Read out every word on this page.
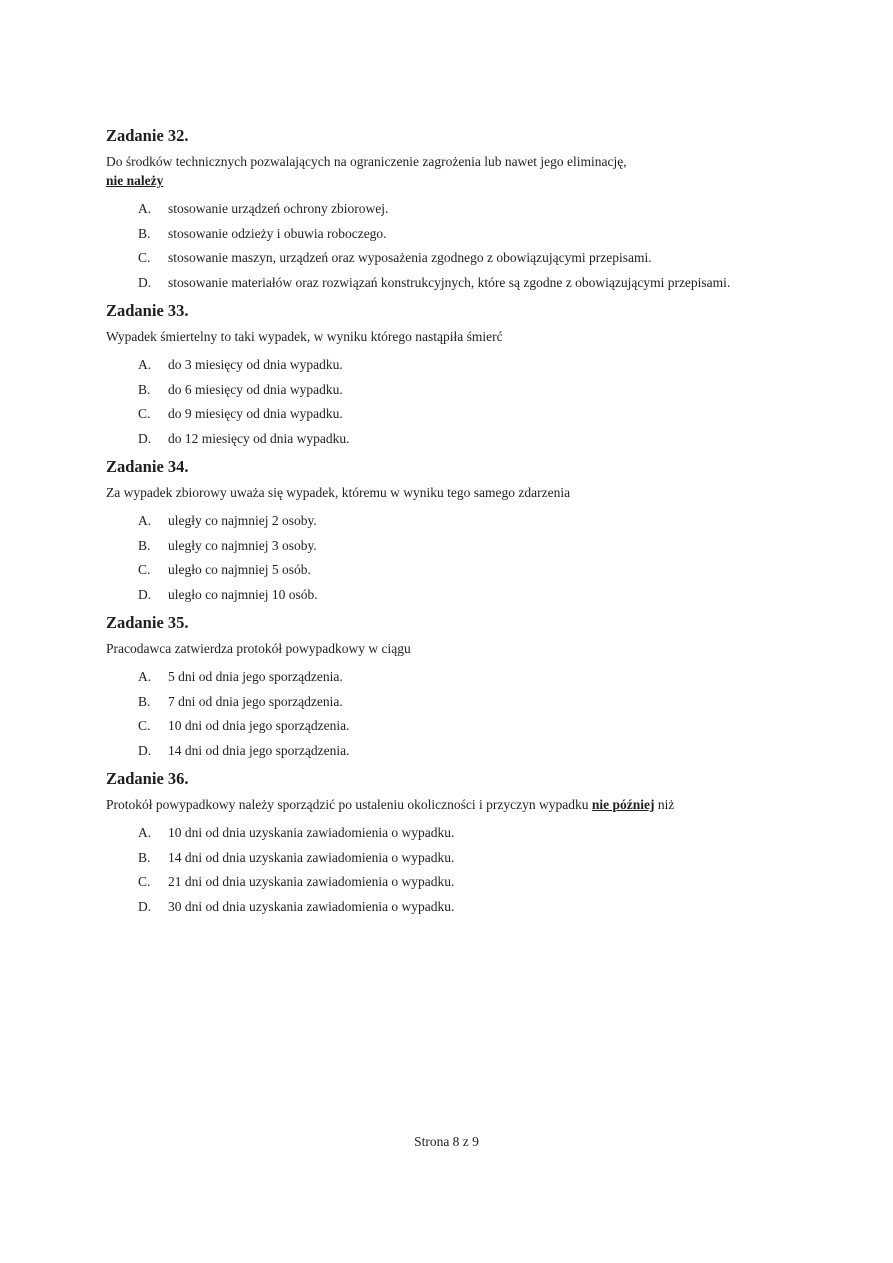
Zadanie 32.
Do środków technicznych pozwalających na ograniczenie zagrożenia lub nawet jego eliminację,
nie należy
A.	stosowanie urządzeń ochrony zbiorowej.
B.	stosowanie odzieży i obuwia roboczego.
C.	stosowanie maszyn, urządzeń oraz wyposażenia zgodnego z obowiązującymi przepisami.
D.	stosowanie materiałów oraz rozwiązań konstrukcyjnych, które są zgodne z obowiązującymi przepisami.
Zadanie 33.
Wypadek śmiertelny to taki wypadek, w wyniku którego nastąpiła śmierć
A.	do 3 miesięcy od dnia wypadku.
B.	do 6 miesięcy od dnia wypadku.
C.	do 9 miesięcy od dnia wypadku.
D.	do 12 miesięcy od dnia wypadku.
Zadanie 34.
Za wypadek zbiorowy uważa się wypadek, któremu w wyniku tego samego zdarzenia
A.	uległy co najmniej 2 osoby.
B.	uległy co najmniej 3 osoby.
C.	uległo co najmniej 5 osób.
D.	uległo co najmniej 10 osób.
Zadanie 35.
Pracodawca zatwierdza protokół powypadkowy w ciągu
A.	5 dni od dnia jego sporządzenia.
B.	7 dni od dnia jego sporządzenia.
C.	10 dni od dnia jego sporządzenia.
D.	14 dni od dnia jego sporządzenia.
Zadanie 36.
Protokół powypadkowy należy sporządzić po ustaleniu okoliczności i przyczyn wypadku nie później niż
A.	10 dni od dnia uzyskania zawiadomienia o wypadku.
B.	14 dni od dnia uzyskania zawiadomienia o wypadku.
C.	21 dni od dnia uzyskania zawiadomienia o wypadku.
D.	30 dni od dnia uzyskania zawiadomienia o wypadku.
Strona 8 z 9
